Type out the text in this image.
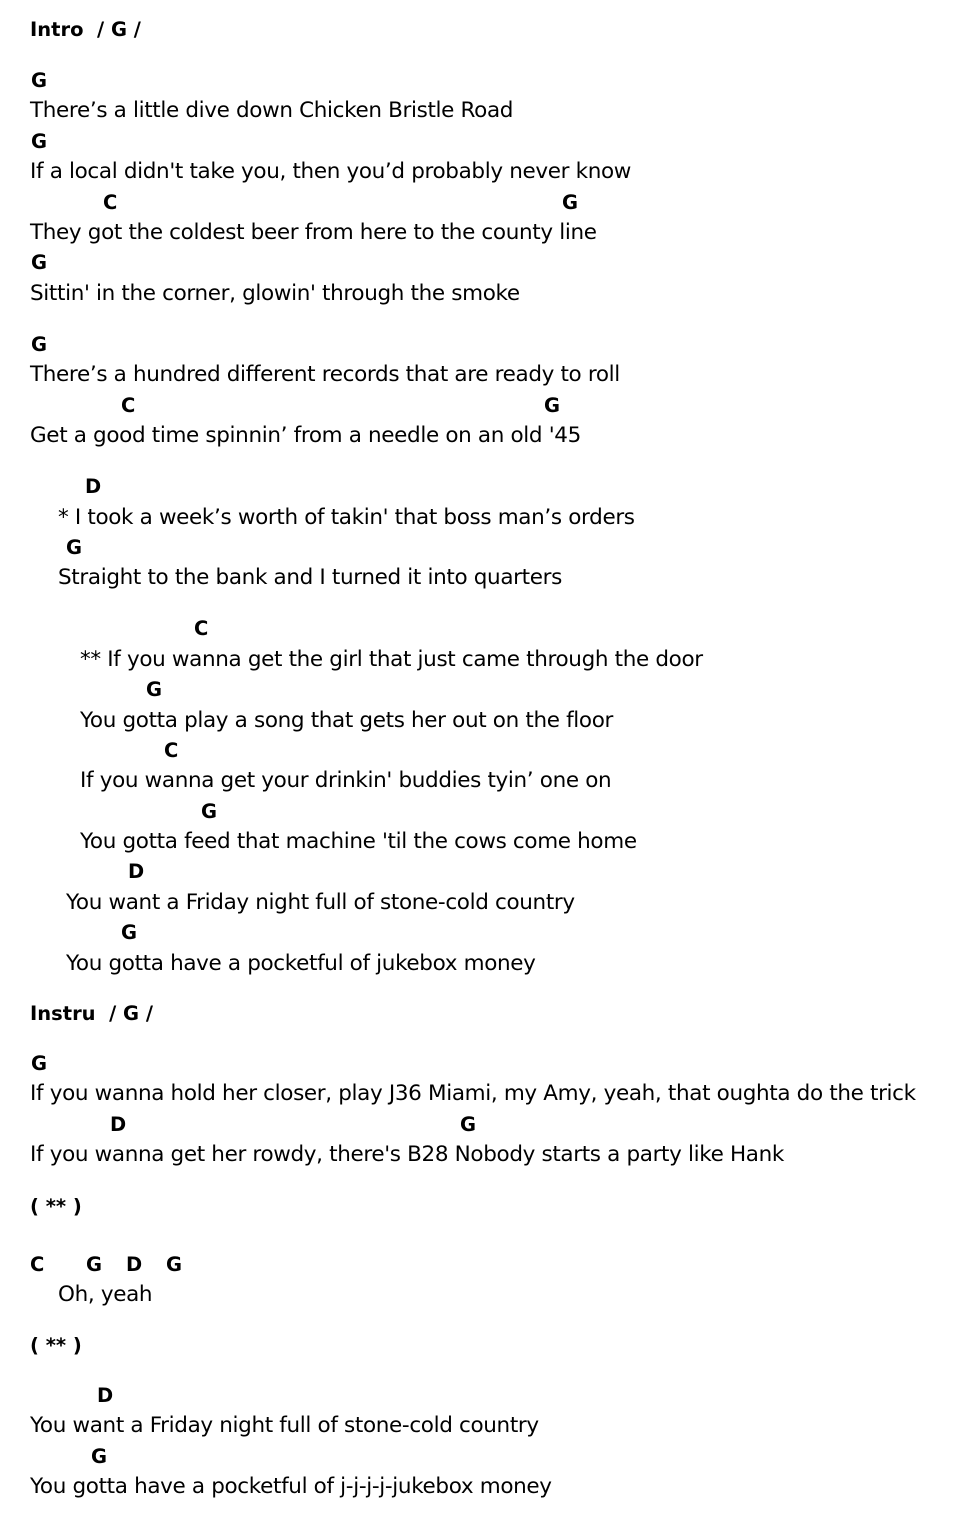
Intro  / G /
G
There’s a little dive down Chicken Bristle Road
G
If a local didn't take you, then you’d probably never know
C	G
They got the coldest beer from here to the county line
G
Sittin' in the corner, glowin' through the smoke
G
There’s a hundred different records that are ready to roll
C	G
Get a good time spinnin’ from a needle on an old '45
D
* I took a week’s worth of takin' that boss man’s orders
G
Straight to the bank and I turned it into quarters
C
** If you wanna get the girl that just came through the door
G
You gotta play a song that gets her out on the floor
C
If you wanna get your drinkin' buddies tyin’ one on
G
You gotta feed that machine 'til the cows come home
D
You want a Friday night full of stone-cold country
G
You gotta have a pocketful of jukebox money
Instru  / G /
G
If you wanna hold her closer, play J36 Miami, my Amy, yeah, that oughta do the trick
D	G
If you wanna get her rowdy, there's B28 Nobody starts a party like Hank
( ** )
C G D G
Oh, yeah
( ** )
D
You want a Friday night full of stone-cold country
G
You gotta have a pocketful of j-j-j-j-jukebox money
